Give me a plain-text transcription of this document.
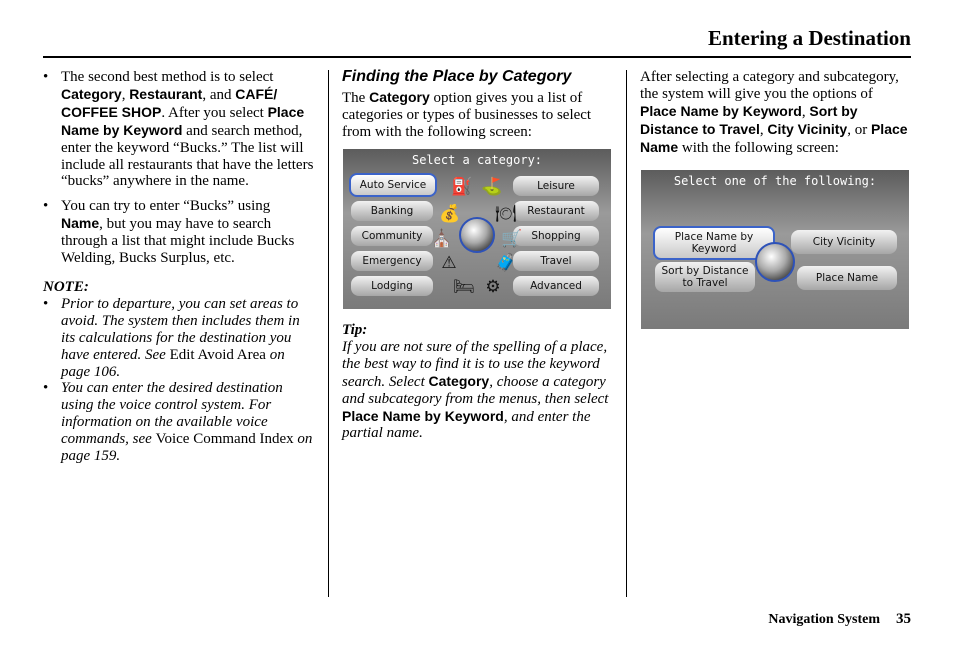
Entering a Destination
• The second best method is to select Category, Restaurant, and CAFÉ/ COFFEE SHOP. After you select Place Name by Keyword and search method, enter the keyword “Bucks.” The list will include all restaurants that have the letters “bucks” anywhere in the name.
• You can try to enter “Bucks” using Name, but you may have to search through a list that might include Bucks Welding, Bucks Surplus, etc.
NOTE:
• Prior to departure, you can set areas to avoid. The system then includes them in its calculations for the destination you have entered. See Edit Avoid Area on page 106.
• You can enter the desired destination using the voice control system. For information on the available voice commands, see Voice Command Index on page 159.
Finding the Place by Category
The Category option gives you a list of categories or types of businesses to select from with the following screen:
Select a category:
Auto Service
Banking
Community
Emergency
Lodging
Leisure
Restaurant
Shopping
Travel
Advanced
⛽ ⛳
💰 🍽
⛪	🛒
⚠ 🧳
🛏 ⚙
Tip:
If you are not sure of the spelling of a place, the best way to find it is to use the keyword search. Select Category, choose a category and subcategory from the menus, then select Place Name by Keyword, and enter the partial name.
After selecting a category and subcategory, the system will give you the options of Place Name by Keyword, Sort by Distance to Travel, City Vicinity, or Place Name with the following screen:
Select one of the following:
Place Name by Keyword
Sort by Distance to Travel
City Vicinity
Place Name
Navigation System 35
